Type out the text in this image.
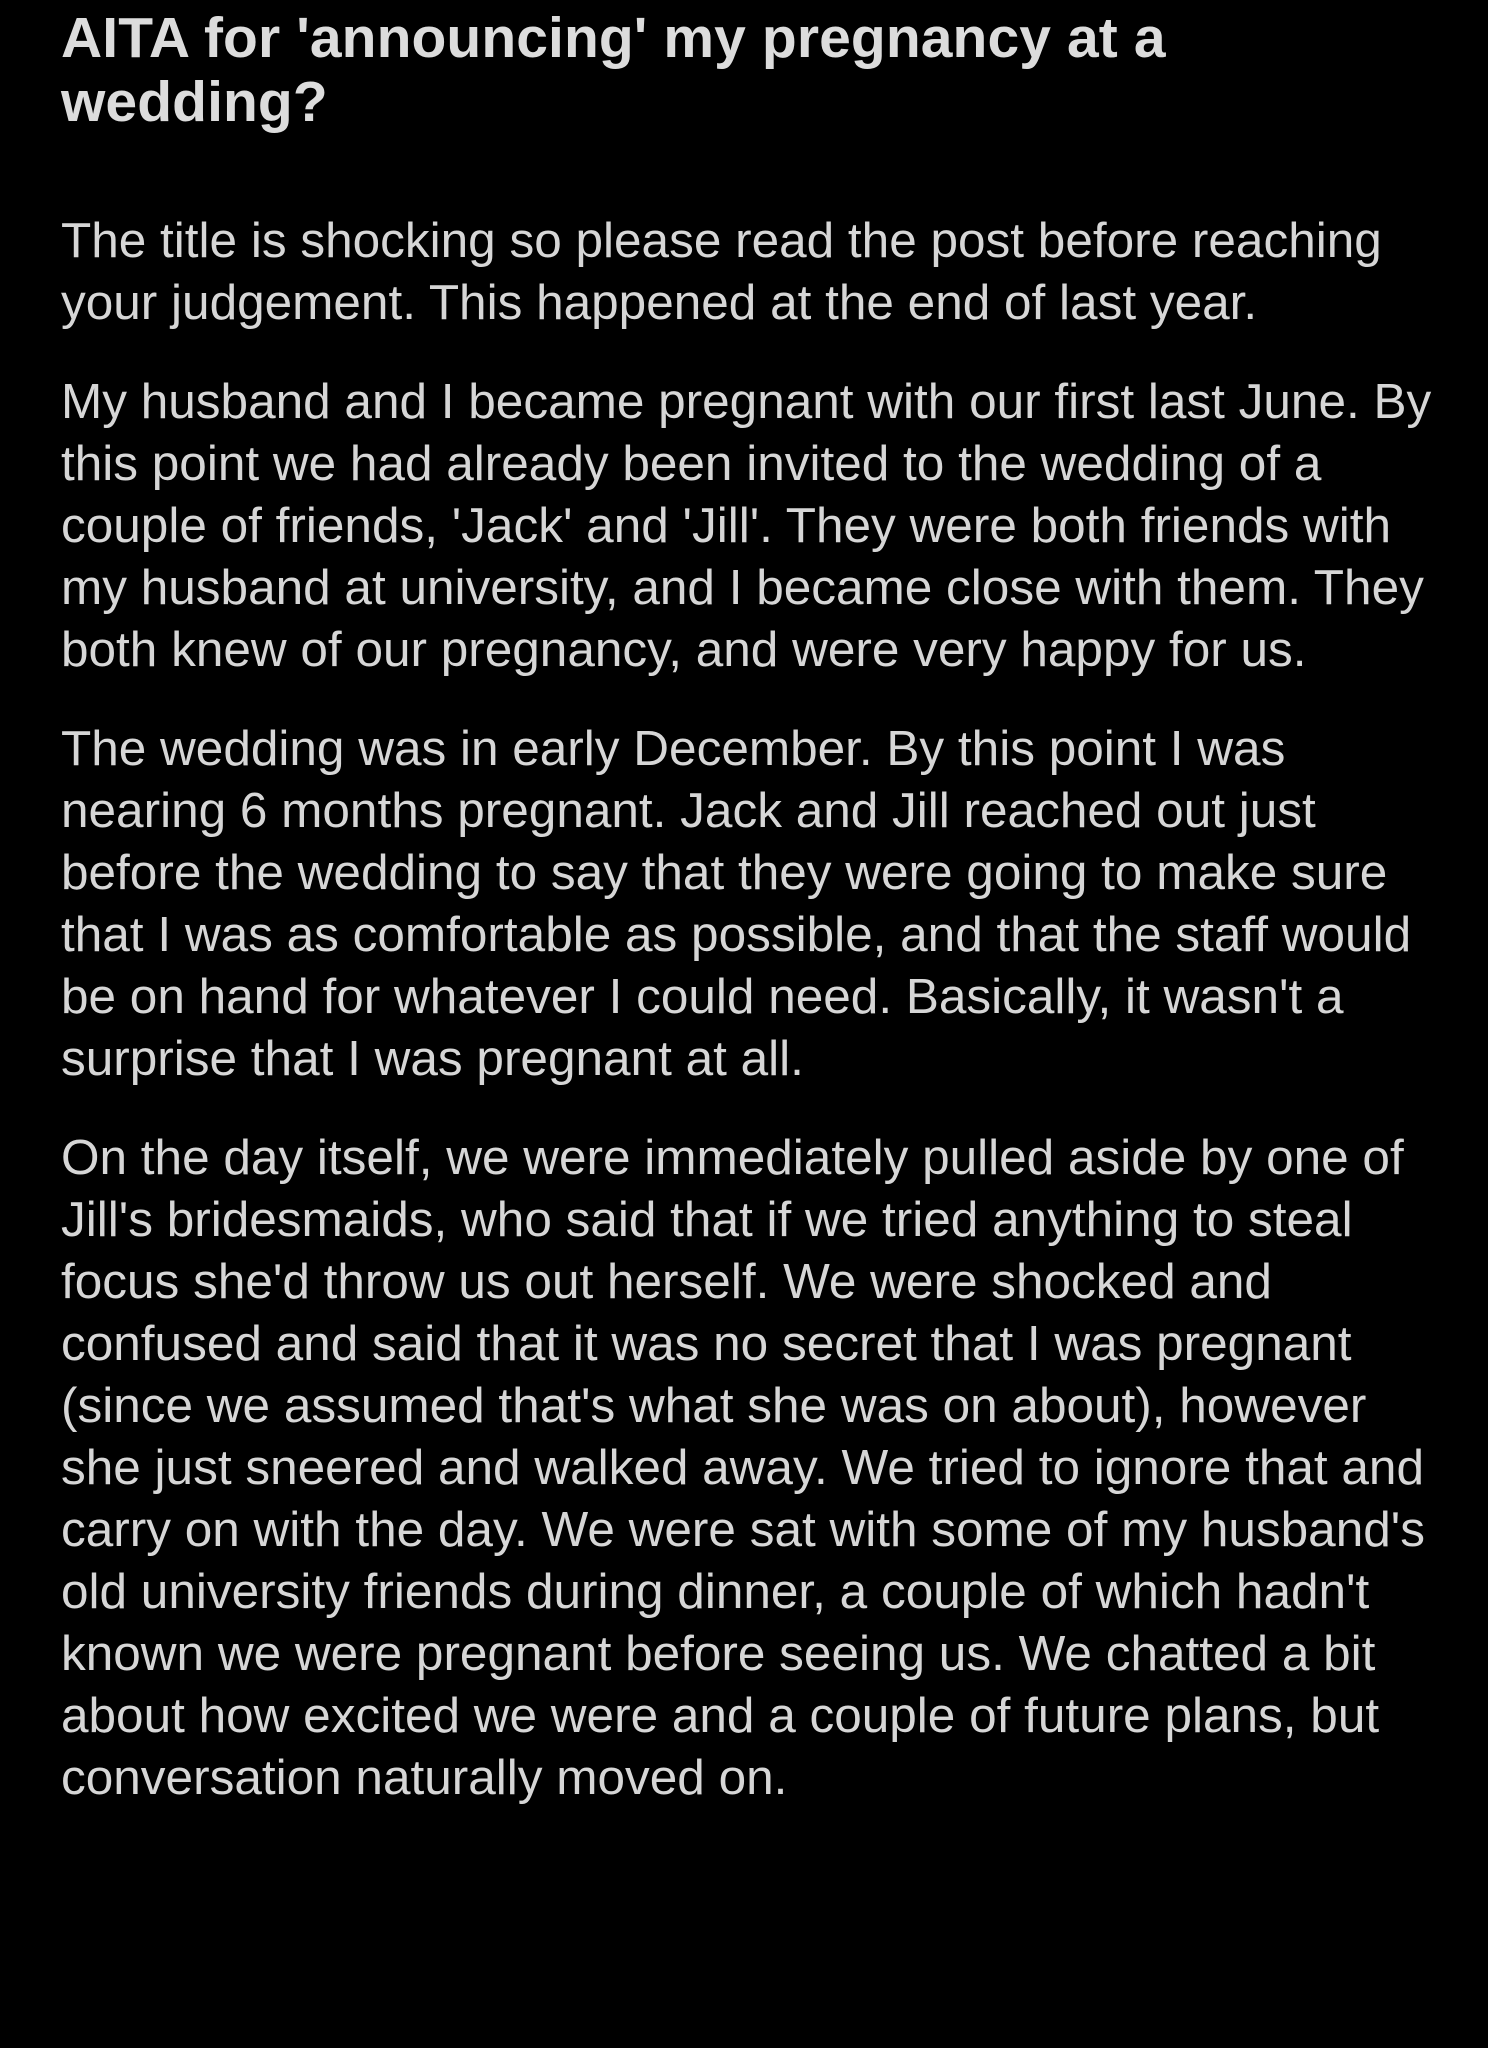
AITA for 'announcing' my pregnancy at a wedding?

The title is shocking so please read the post before reaching your judgement. This happened at the end of last year.

My husband and I became pregnant with our first last June. By this point we had already been invited to the wedding of a couple of friends, 'Jack' and 'Jill'. They were both friends with my husband at university, and I became close with them. They both knew of our pregnancy, and were very happy for us.

The wedding was in early December. By this point I was nearing 6 months pregnant. Jack and Jill reached out just before the wedding to say that they were going to make sure that I was as comfortable as possible, and that the staff would be on hand for whatever I could need. Basically, it wasn't a surprise that I was pregnant at all.

On the day itself, we were immediately pulled aside by one of Jill's bridesmaids, who said that if we tried anything to steal focus she'd throw us out herself. We were shocked and confused and said that it was no secret that I was pregnant (since we assumed that's what she was on about), however she just sneered and walked away. We tried to ignore that and carry on with the day. We were sat with some of my husband's old university friends during dinner, a couple of which hadn't known we were pregnant before seeing us. We chatted a bit about how excited we were and a couple of future plans, but conversation naturally moved on.
